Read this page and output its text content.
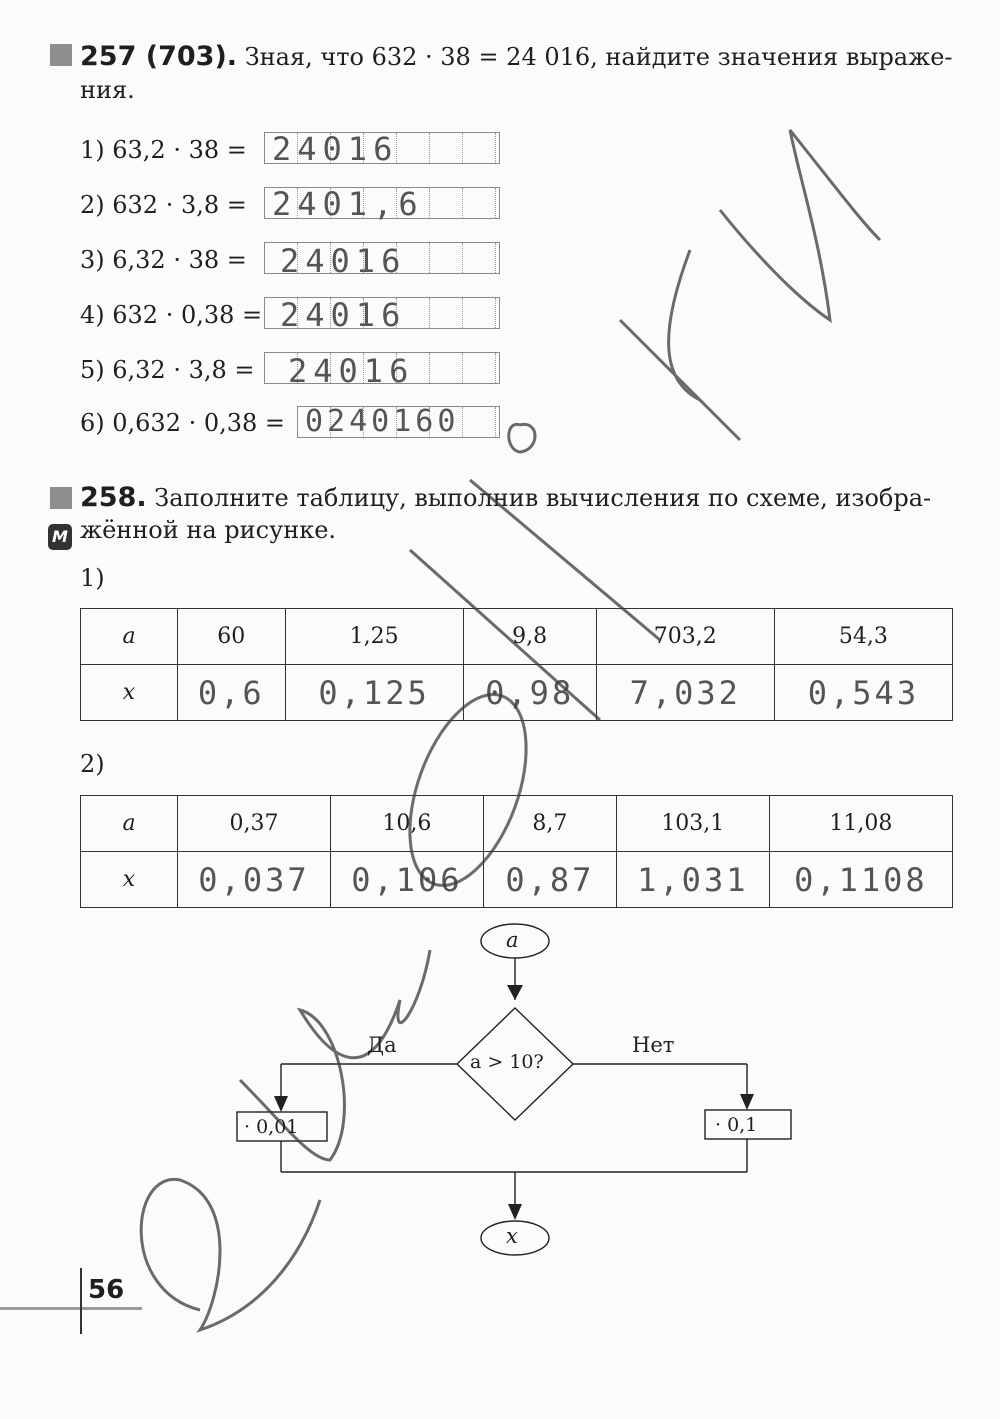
257 (703). Зная, что 632 · 38 = 24 016, найдите значения выраже-
ния.
1) 63,2 · 38 = 24016
2) 632 · 3,8 = 2401,6
3) 6,32 · 38 = 24016
4) 632 · 0,38 = 24016
5) 6,32 · 3,8 = 24016
6) 0,632 · 0,38 = 0240160
258. Заполните таблицу, выполнив вычисления по схеме, изобра-
жённой на рисунке.
М
1)
a	60	1,25	9,8	703,2	54,3
x	0,6	0,125	0,98	7,032	0,543
2)
a	0,37	10,6	8,7	103,1	11,08
x	0,037	0,106	0,87	1,031	0,1108
a
a > 10?
Да	Нет
· 0,01	· 0,1
x
56
